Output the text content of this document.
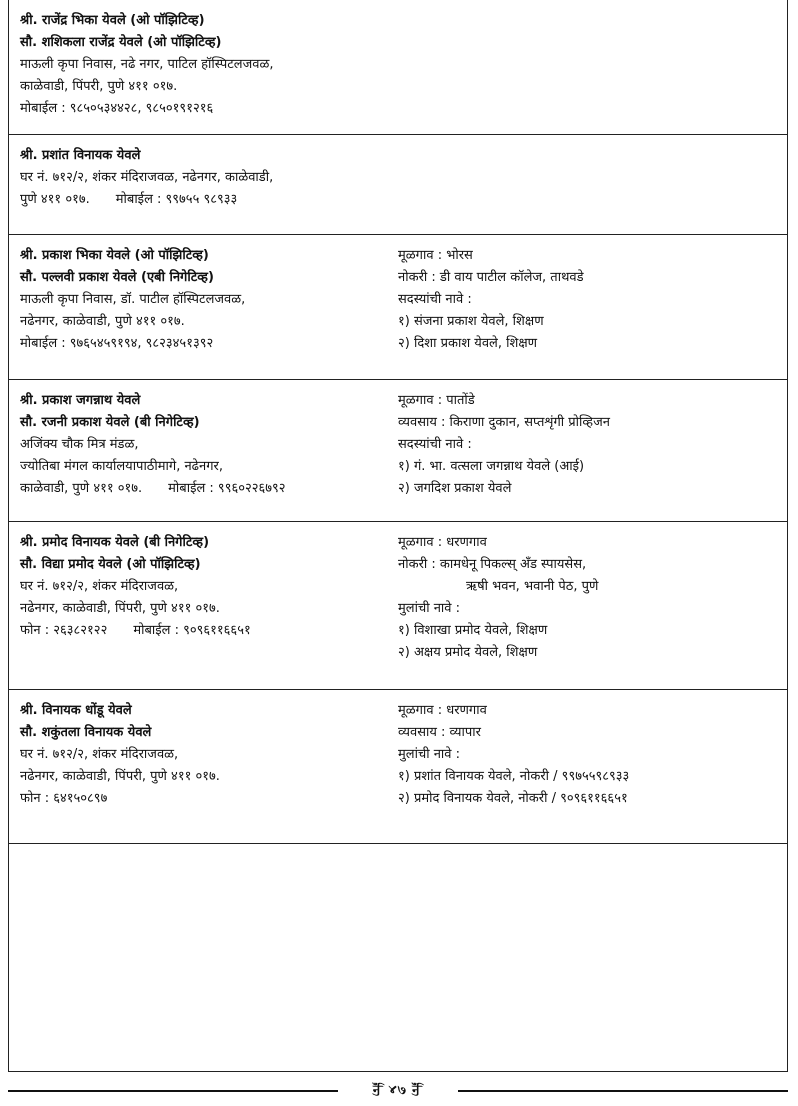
श्री. राजेंद्र भिका येवले (ओ पॉझिटिव्ह)
सौ. शशिकला राजेंद्र येवले (ओ पॉझिटिव्ह)
माऊली कृपा निवास, नढे नगर, पाटिल हॉस्पिटलजवळ,
काळेवाडी, पिंपरी, पुणे ४११ ०१७.
मोबाईल : ९८५०५३४४२८, ९८५०१९१२१६
श्री. प्रशांत विनायक येवले
घर नं. ७१२/२, शंकर मंदिराजवळ, नढेनगर, काळेवाडी,
पुणे ४११ ०१७. मोबाईल : ९९७५५ ९८९३३
श्री. प्रकाश भिका येवले (ओ पॉझिटिव्ह)
सौ. पल्लवी प्रकाश येवले (एबी निगेटिव्ह)
माऊली कृपा निवास, डॉ. पाटील हॉस्पिटलजवळ,
नढेनगर, काळेवाडी, पुणे ४११ ०१७.
मोबाईल : ९७६५४५९१९४, ९८२३४५१३९२
मूळगाव : भोरस
नोकरी : डी वाय पाटील कॉलेज, ताथवडे
सदस्यांची नावे :
१) संजना प्रकाश येवले, शिक्षण
२) दिशा प्रकाश येवले, शिक्षण
श्री. प्रकाश जगन्नाथ येवले
सौ. रजनी प्रकाश येवले (बी निगेटिव्ह)
अजिंक्य चौक मित्र मंडळ,
ज्योतिबा मंगल कार्यालयापाठीमागे, नढेनगर,
काळेवाडी, पुणे ४११ ०१७. मोबाईल : ९९६०२२६७९२
मूळगाव : पातोंडे
व्यवसाय : किराणा दुकान, सप्तशृंगी प्रोव्हिजन
सदस्यांची नावे :
१) गं. भा. वत्सला जगन्नाथ येवले (आई)
२) जगदिश प्रकाश येवले
श्री. प्रमोद विनायक येवले (बी निगेटिव्ह)
सौ. विद्या प्रमोद येवले (ओ पॉझिटिव्ह)
घर नं. ७१२/२, शंकर मंदिराजवळ,
नढेनगर, काळेवाडी, पिंपरी, पुणे ४११ ०१७.
फोन : २६३८२१२२ मोबाईल : ९०९६११६६५१
मूळगाव : धरणगाव
नोकरी : कामधेनू पिकल्स् अँड स्पायसेस,
ऋषी भवन, भवानी पेठ, पुणे
मुलांची नावे :
१) विशाखा प्रमोद येवले, शिक्षण
२) अक्षय प्रमोद येवले, शिक्षण
श्री. विनायक धोंडू येवले
सौ. शकुंतला विनायक येवले
घर नं. ७१२/२, शंकर मंदिराजवळ,
नढेनगर, काळेवाडी, पिंपरी, पुणे ४११ ०१७.
फोन : ६४१५०८९७
मूळगाव : धरणगाव
व्यवसाय : व्यापार
मुलांची नावे :
१) प्रशांत विनायक येवले, नोकरी / ९९७५५९८९३३
२) प्रमोद विनायक येवले, नोकरी / ९०९६११६६५१
ꣽ ४७ ꣽ
